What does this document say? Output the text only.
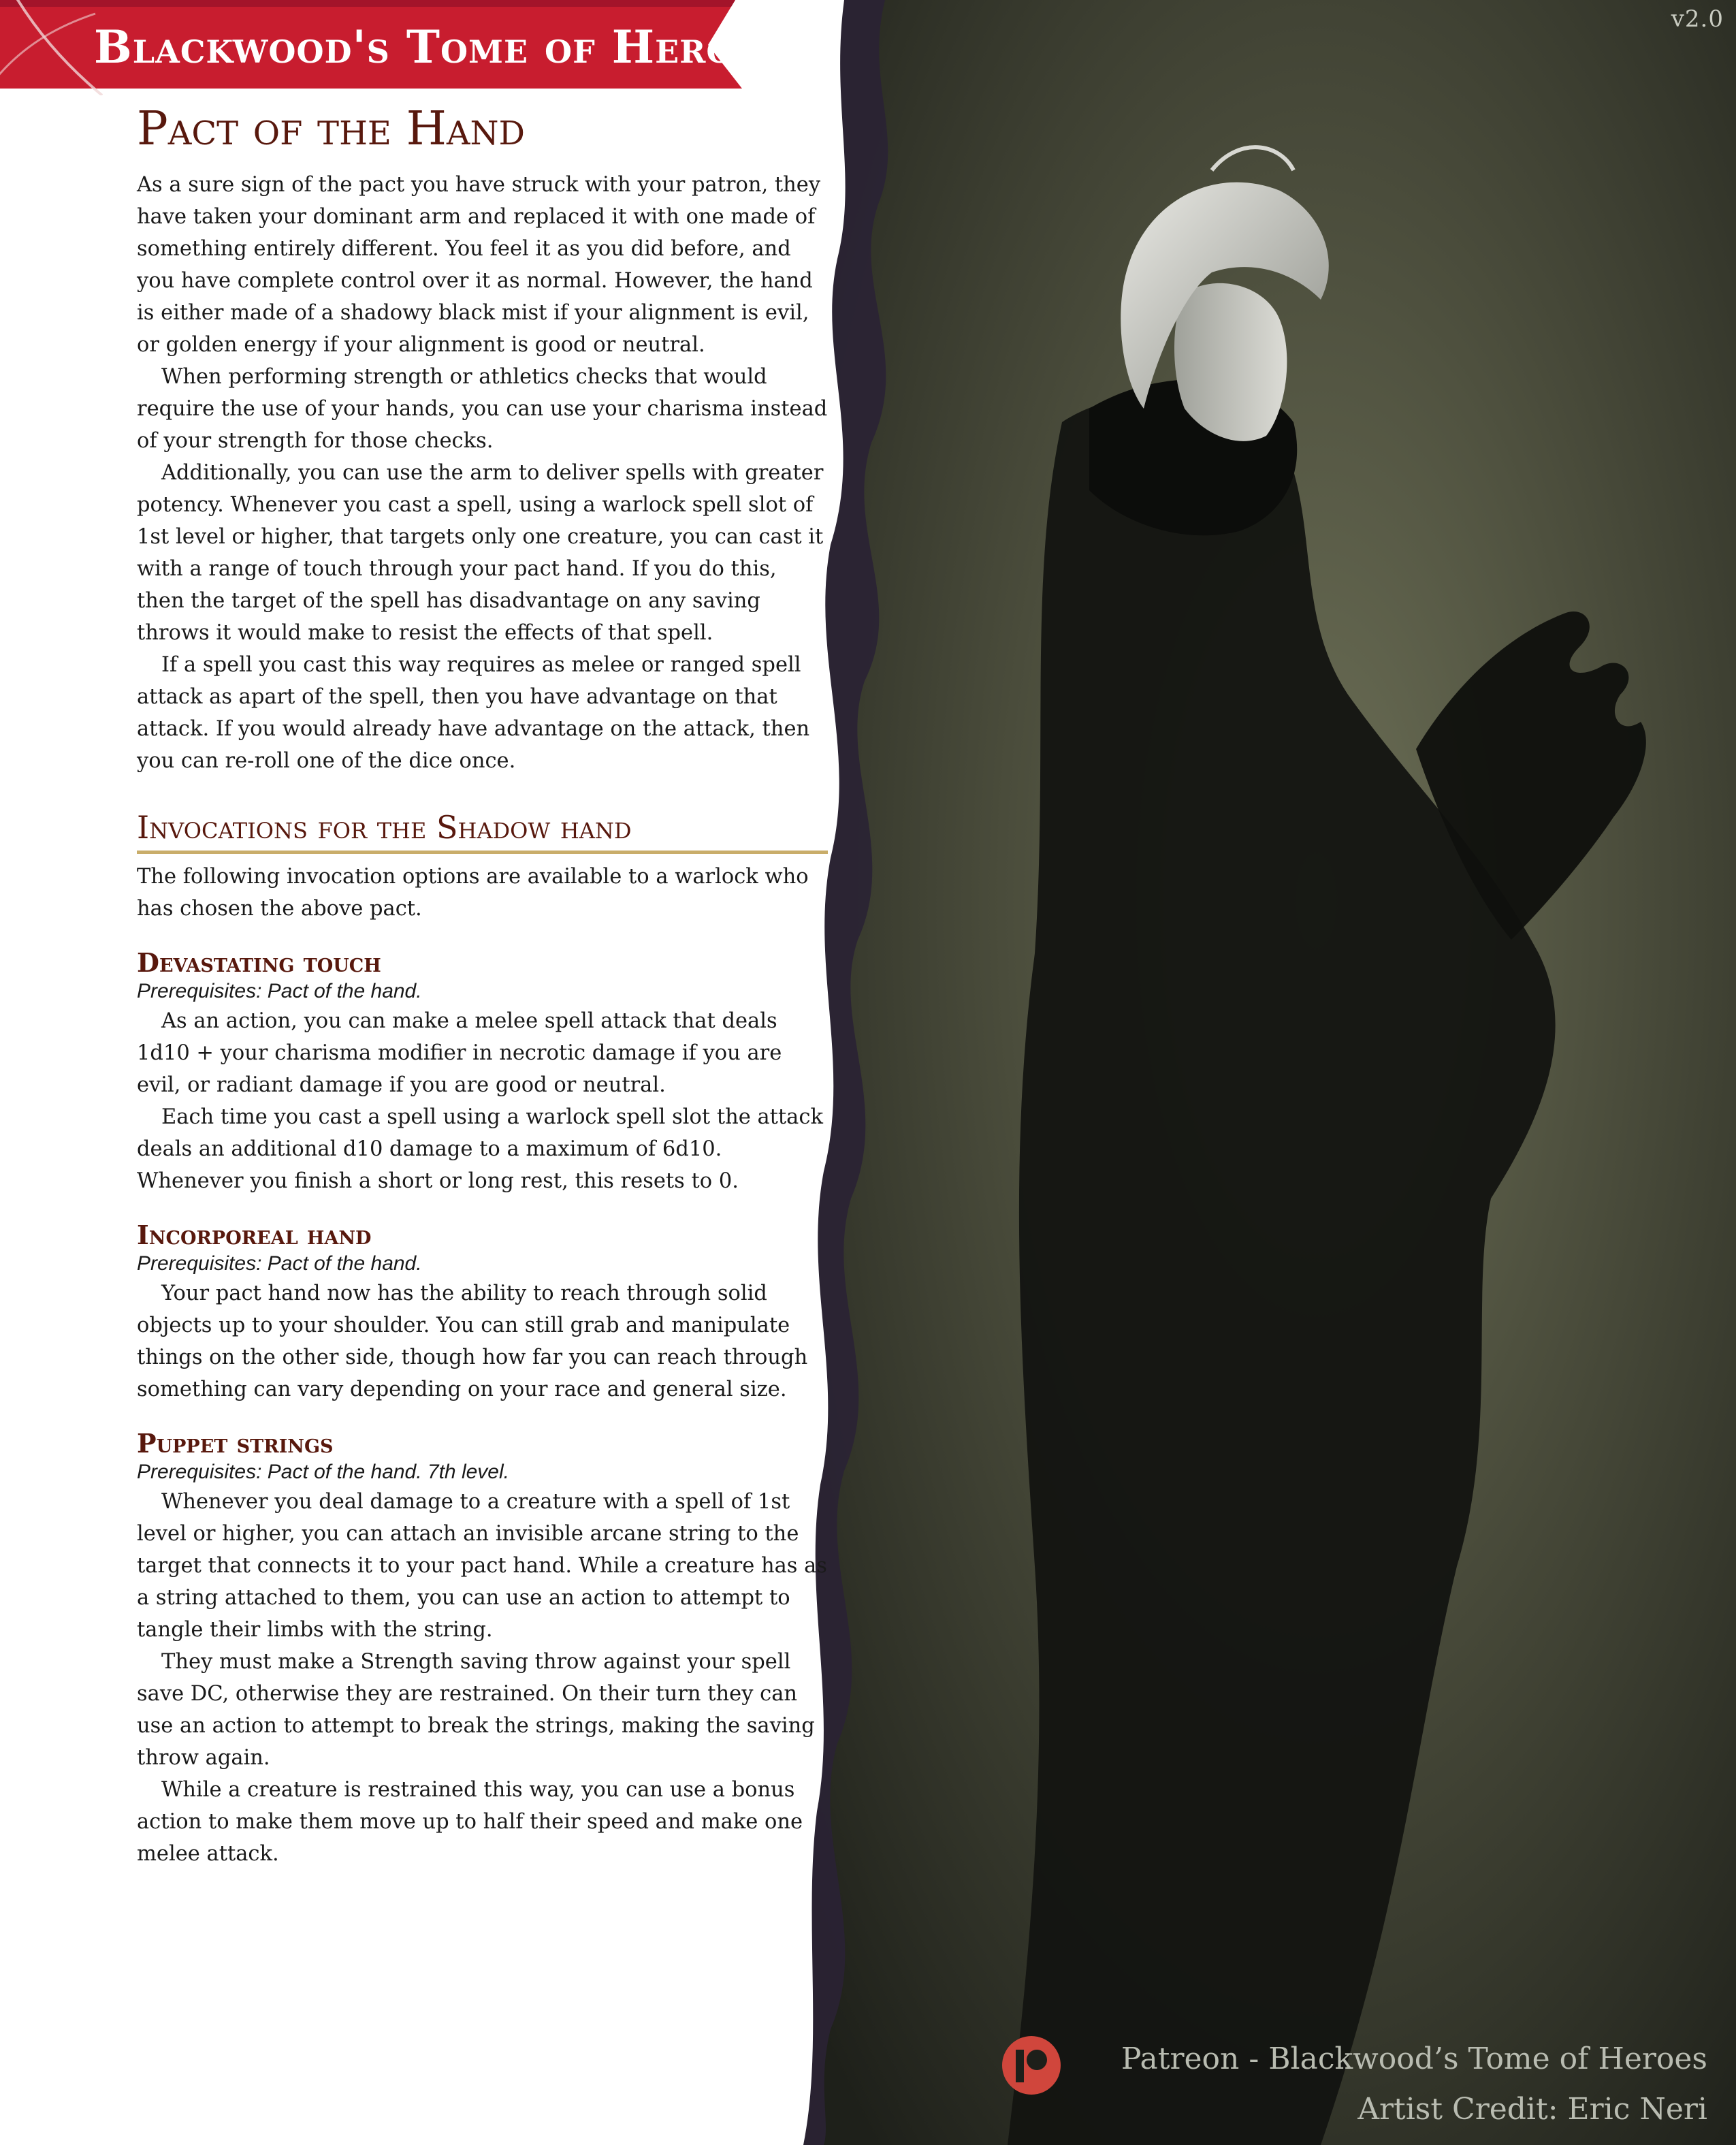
Blackwood's Tome of Heroes
v2.0
Pact of the Hand

As a sure sign of the pact you have struck with your patron, they have taken your dominant arm and replaced it with one made of something entirely different. You feel it as you did before, and you have complete control over it as normal. However, the hand is either made of a shadowy black mist if your alignment is evil, or golden energy if your alignment is good or neutral.

When performing strength or athletics checks that would require the use of your hands, you can use your charisma instead of your strength for those checks.

Additionally, you can use the arm to deliver spells with greater potency. Whenever you cast a spell, using a warlock spell slot of 1st level or higher, that targets only one creature, you can cast it with a range of touch through your pact hand. If you do this, then the target of the spell has disadvantage on any saving throws it would make to resist the effects of that spell.

If a spell you cast this way requires as melee or ranged spell attack as apart of the spell, then you have advantage on that attack. If you would already have advantage on the attack, then you can re-roll one of the dice once.

Invocations for the Shadow hand

The following invocation options are available to a warlock who has chosen the above pact.

Devastating touch

Prerequisites: Pact of the hand.

As an action, you can make a melee spell attack that deals 1d10 + your charisma modifier in necrotic damage if you are evil, or radiant damage if you are good or neutral.

Each time you cast a spell using a warlock spell slot the attack deals an additional d10 damage to a maximum of 6d10. Whenever you finish a short or long rest, this resets to 0.

Incorporeal hand

Prerequisites: Pact of the hand.

Your pact hand now has the ability to reach through solid objects up to your shoulder. You can still grab and manipulate things on the other side, though how far you can reach through something can vary depending on your race and general size.

Puppet strings

Prerequisites: Pact of the hand. 7th level.

Whenever you deal damage to a creature with a spell of 1st level or higher, you can attach an invisible arcane string to the target that connects it to your pact hand. While a creature has as a string attached to them, you can use an action to attempt to tangle their limbs with the string.

They must make a Strength saving throw against your spell save DC, otherwise they are restrained. On their turn they can use an action to attempt to break the strings, making the saving throw again.

While a creature is restrained this way, you can use a bonus action to make them move up to half their speed and make one melee attack.

Patreon - Blackwood’s Tome of Heroes
Artist Credit: Eric Neri
